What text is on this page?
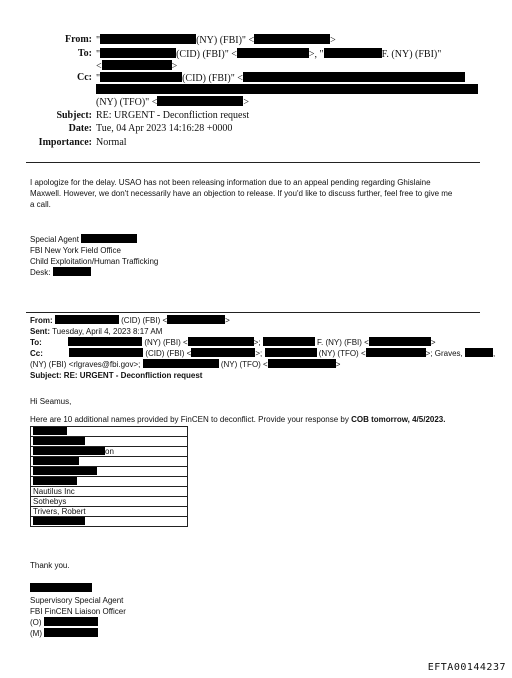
From: "	(NY) (FBI)" <	>
To: "	(CID) (FBI)" <	>, "	F. (NY) (FBI)"
<	>
Cc: "	(CID) (FBI)" <
(NY) (TFO)" <	>
Subject: RE: URGENT - Deconfliction request
Date: Tue, 04 Apr 2023 14:16:28 +0000
Importance: Normal
I apologize for the delay. USAO has not been releasing information due to an appeal pending regarding Ghislaine
Maxwell. However, we don't necessarily have an objection to release. If you'd like to discuss further, feel free to give me
a call.
Special Agent
FBI New York Field Office
Child Exploitation/Human Trafficking
Desk:
From:	(CID) (FBI) <	>
Sent: Tuesday, April 4, 2023 8:17 AM
To:	(NY) (FBI) <	>;	F. (NY) (FBI) <	>
Cc:	(CID) (FBI) <	>;	(NY) (TFO) <	>; Graves,	,
(NY) (FBI) <rlgraves@fbi.gov>;	(NY) (TFO) <	>
Subject: RE: URGENT - Deconfliction request
Hi Seamus,
Here are 10 additional names provided by FinCEN to deconflict. Provide your response by COB tomorrow, 4/5/2023.

on

Nautilus Inc
Sothebys
Trivers, Robert

Thank you.
Supervisory Special Agent
FBI FinCEN Liaison Officer
(O)
(M)
EFTA00144237
